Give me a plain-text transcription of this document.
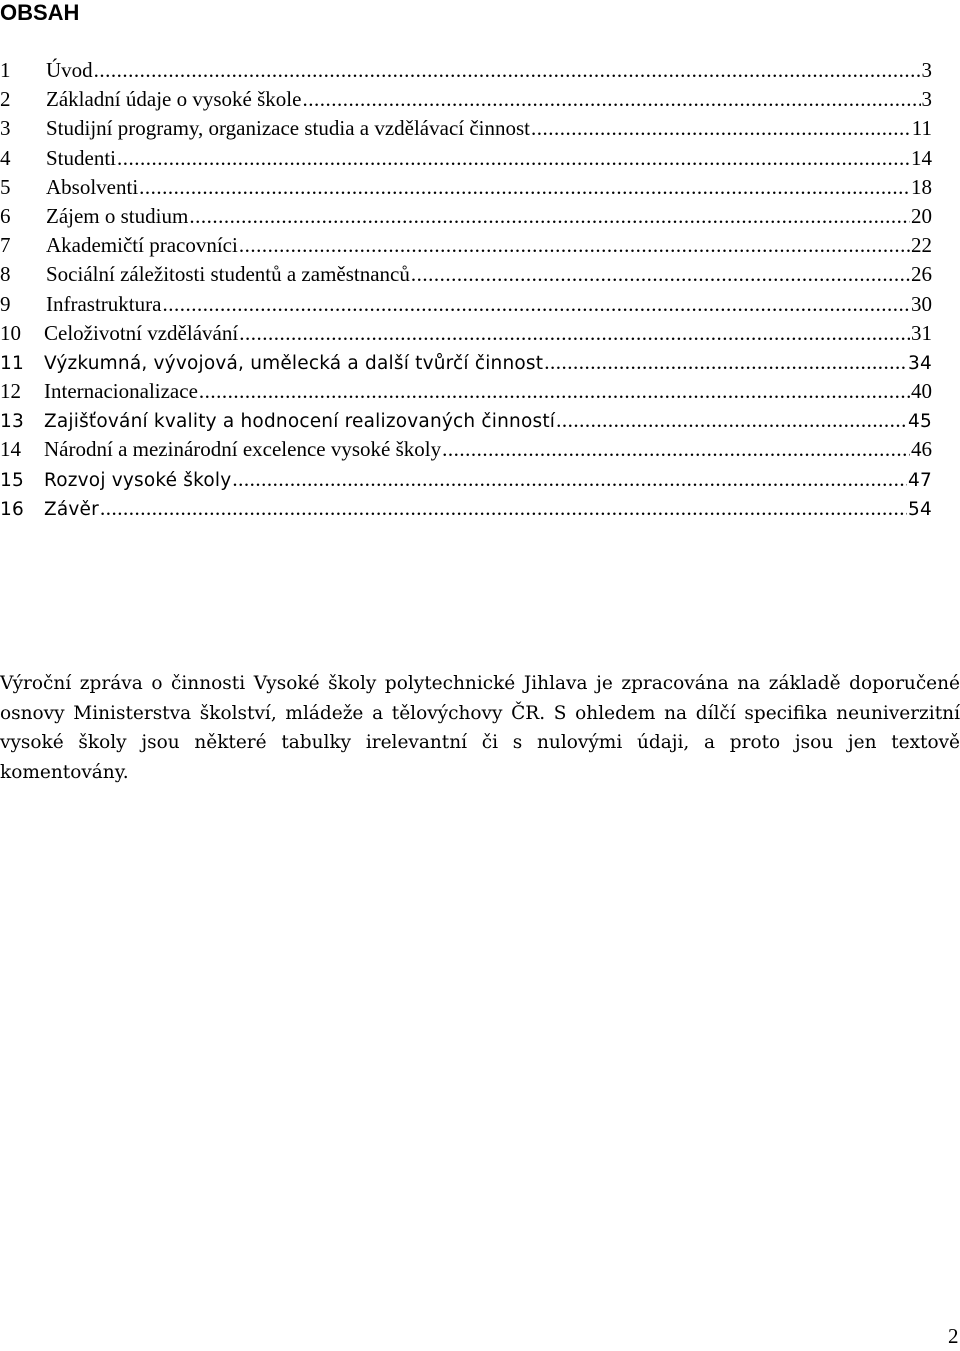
OBSAH
1	Úvod .....	3
2	Základní údaje o vysoké škole .....	3
3	Studijní programy, organizace studia a vzdělávací činnost .....	11
4	Studenti .....	14
5	Absolventi .....	18
6	Zájem o studium .....	20
7	Akademičtí pracovníci .....	22
8	Sociální záležitosti studentů a zaměstnanců .....	26
9	Infrastruktura .....	30
10	Celoživotní vzdělávání .....	31
11	Výzkumná, vývojová, umělecká a další tvůrčí činnost .....	34
12	Internacionalizace .....	40
13	Zajišťování kvality a hodnocení realizovaných činností .....	45
14	Národní a mezinárodní excelence vysoké školy .....	46
15	Rozvoj vysoké školy .....	47
16	Závěr .....	54

Výroční zpráva o činnosti Vysoké školy polytechnické Jihlava je zpracována na základě doporučené osnovy Ministerstva školství, mládeže a tělovýchovy ČR. S ohledem na dílčí specifika neuniverzitní vysoké školy jsou některé tabulky irelevantní či s nulovými údaji, a proto jsou jen textově komentovány.

2
